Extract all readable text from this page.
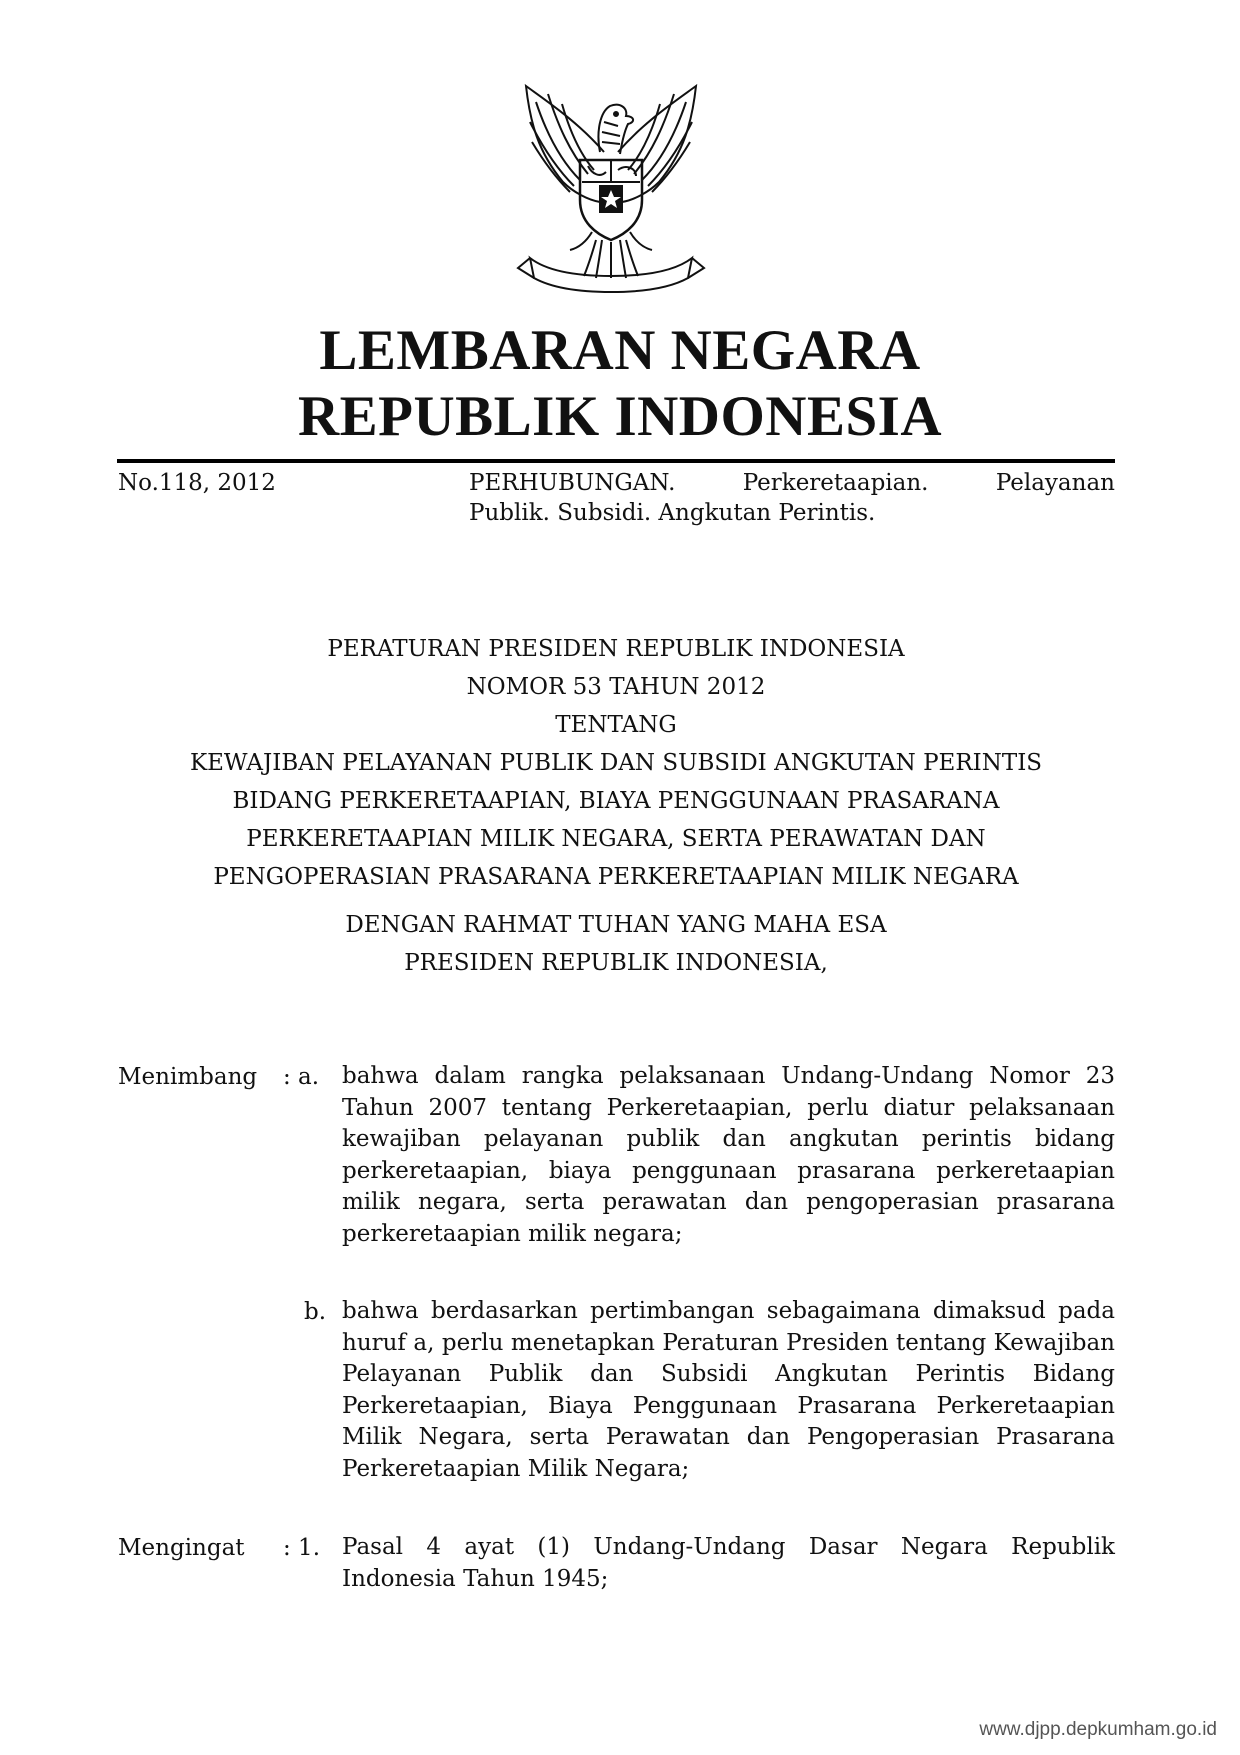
LEMBARAN NEGARA
REPUBLIK INDONESIA
No.118, 2012	PERHUBUNGAN.	Perkeretaapian.	Pelayanan
Publik. Subsidi. Angkutan Perintis.
PERATURAN PRESIDEN REPUBLIK INDONESIA
NOMOR 53 TAHUN 2012
TENTANG
KEWAJIBAN PELAYANAN PUBLIK DAN SUBSIDI ANGKUTAN PERINTIS
BIDANG PERKERETAAPIAN, BIAYA PENGGUNAAN PRASARANA
PERKERETAAPIAN MILIK NEGARA, SERTA PERAWATAN DAN
PENGOPERASIAN PRASARANA PERKERETAAPIAN MILIK NEGARA
DENGAN RAHMAT TUHAN YANG MAHA ESA
PRESIDEN REPUBLIK INDONESIA,
Menimbang : a. bahwa dalam rangka pelaksanaan Undang-Undang Nomor 23 Tahun 2007 tentang Perkeretaapian, perlu diatur pelaksanaan kewajiban pelayanan publik dan angkutan perintis bidang perkeretaapian, biaya penggunaan prasarana perkeretaapian milik negara, serta perawatan dan pengoperasian prasarana perkeretaapian milik negara;
b. bahwa berdasarkan pertimbangan sebagaimana dimaksud pada huruf a, perlu menetapkan Peraturan Presiden tentang Kewajiban Pelayanan Publik dan Subsidi Angkutan Perintis Bidang Perkeretaapian, Biaya Penggunaan Prasarana Perkeretaapian Milik Negara, serta Perawatan dan Pengoperasian Prasarana Perkeretaapian Milik Negara;
Mengingat : 1. Pasal 4 ayat (1) Undang-Undang Dasar Negara Republik Indonesia Tahun 1945;
www.djpp.depkumham.go.id
